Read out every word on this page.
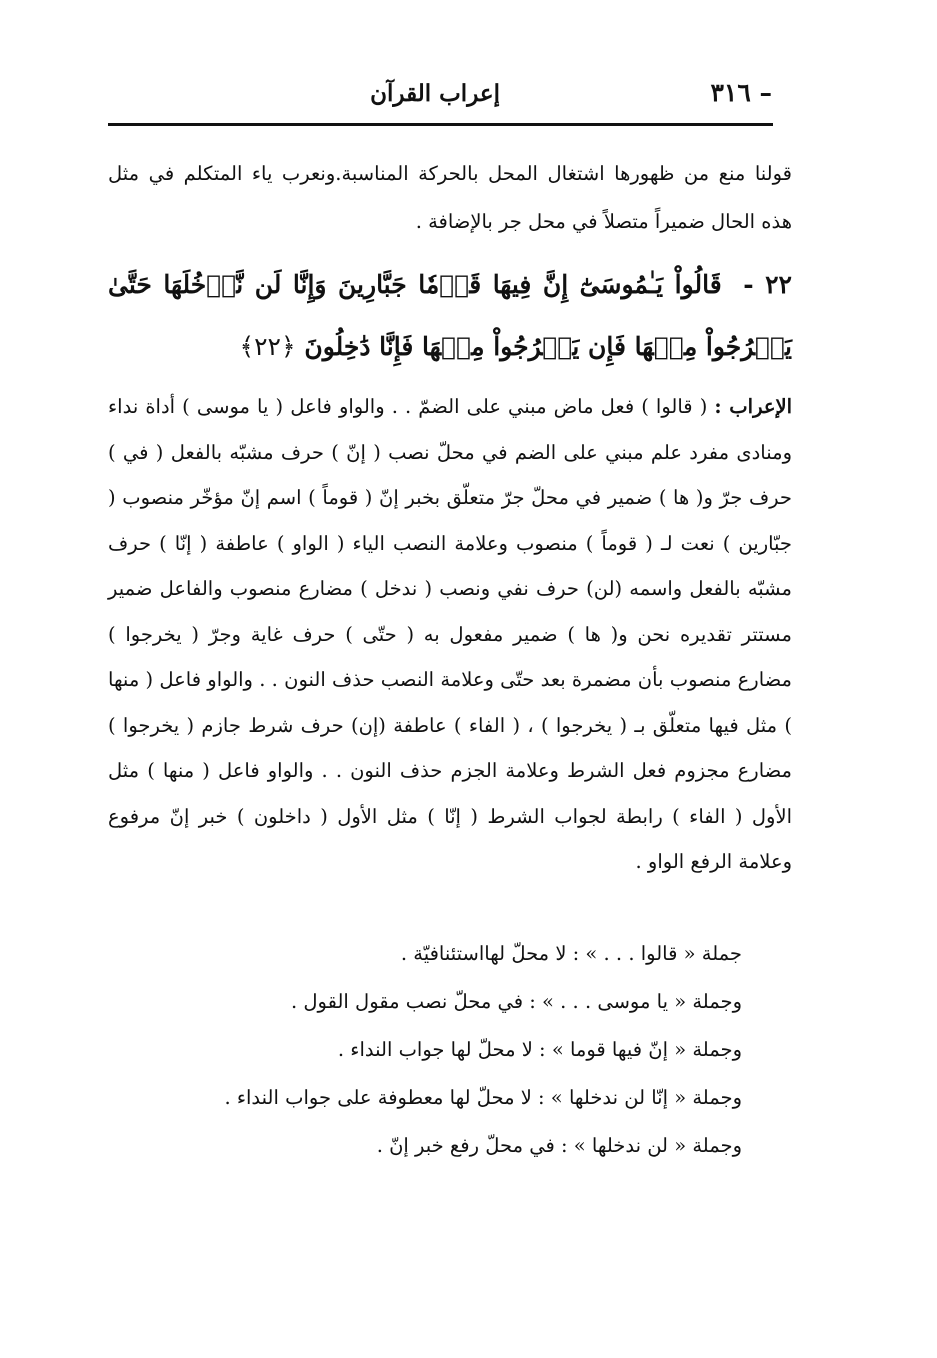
– ٣١٦
إعراب القرآن

قولنا منع من ظهورها اشتغال المحل بالحركة المناسبة.ونعرب ياء المتكلم في مثل هذه الحال ضميراً متصلاً في محل جر بالإضافة .

٢٢ - قَالُواْ يَـٰمُوسَىٰٓ إِنَّ فِيهَا قَوۡمٗا جَبَّارِينَ وَإِنَّا لَن نَّدۡخُلَهَا حَتَّىٰ يَخۡرُجُواْ مِنۡهَا فَإِن يَخۡرُجُواْ مِنۡهَا فَإِنَّا دَٰخِلُونَ ﴿٢٢﴾

الإعراب : ( قالوا ) فعل ماض مبني على الضمّ . . والواو فاعل ( يا موسى ) أداة نداء ومنادى مفرد علم مبني على الضم في محلّ نصب ( إنّ ) حرف مشبّه بالفعل ( في ) حرف جرّ و( ها ) ضمير في محلّ جرّ متعلّق بخبر إنّ ( قوماً ) اسم إنّ مؤخّر منصوب ( جبّارين ) نعت لـ ( قوماً ) منصوب وعلامة النصب الياء ( الواو ) عاطفة ( إنّا ) حرف مشبّه بالفعل واسمه (لن) حرف نفي ونصب ( ندخل ) مضارع منصوب والفاعل ضمير مستتر تقديره نحن و( ها ) ضمير مفعول به ( حتّى ) حرف غاية وجرّ ( يخرجوا ) مضارع منصوب بأن مضمرة بعد حتّى وعلامة النصب حذف النون . . والواو فاعل ( منها ) مثل فيها متعلّق بـ ( يخرجوا ) ، ( الفاء ) عاطفة (إن) حرف شرط جازم ( يخرجوا ) مضارع مجزوم فعل الشرط وعلامة الجزم حذف النون . . والواو فاعل ( منها ) مثل الأول ( الفاء ) رابطة لجواب الشرط ( إنّا ) مثل الأول ( داخلون ) خبر إنّ مرفوع وعلامة الرفع الواو .

جملة « قالوا . . . » : لا محلّ لهااستئنافيّة .
وجملة « يا موسى . . . » : في محلّ نصب مقول القول .
وجملة « إنّ فيها قوما » : لا محلّ لها جواب النداء .
وجملة « إنّا لن ندخلها » : لا محلّ لها معطوفة على جواب النداء .
وجملة « لن ندخلها » : في محلّ رفع خبر إنّ .
